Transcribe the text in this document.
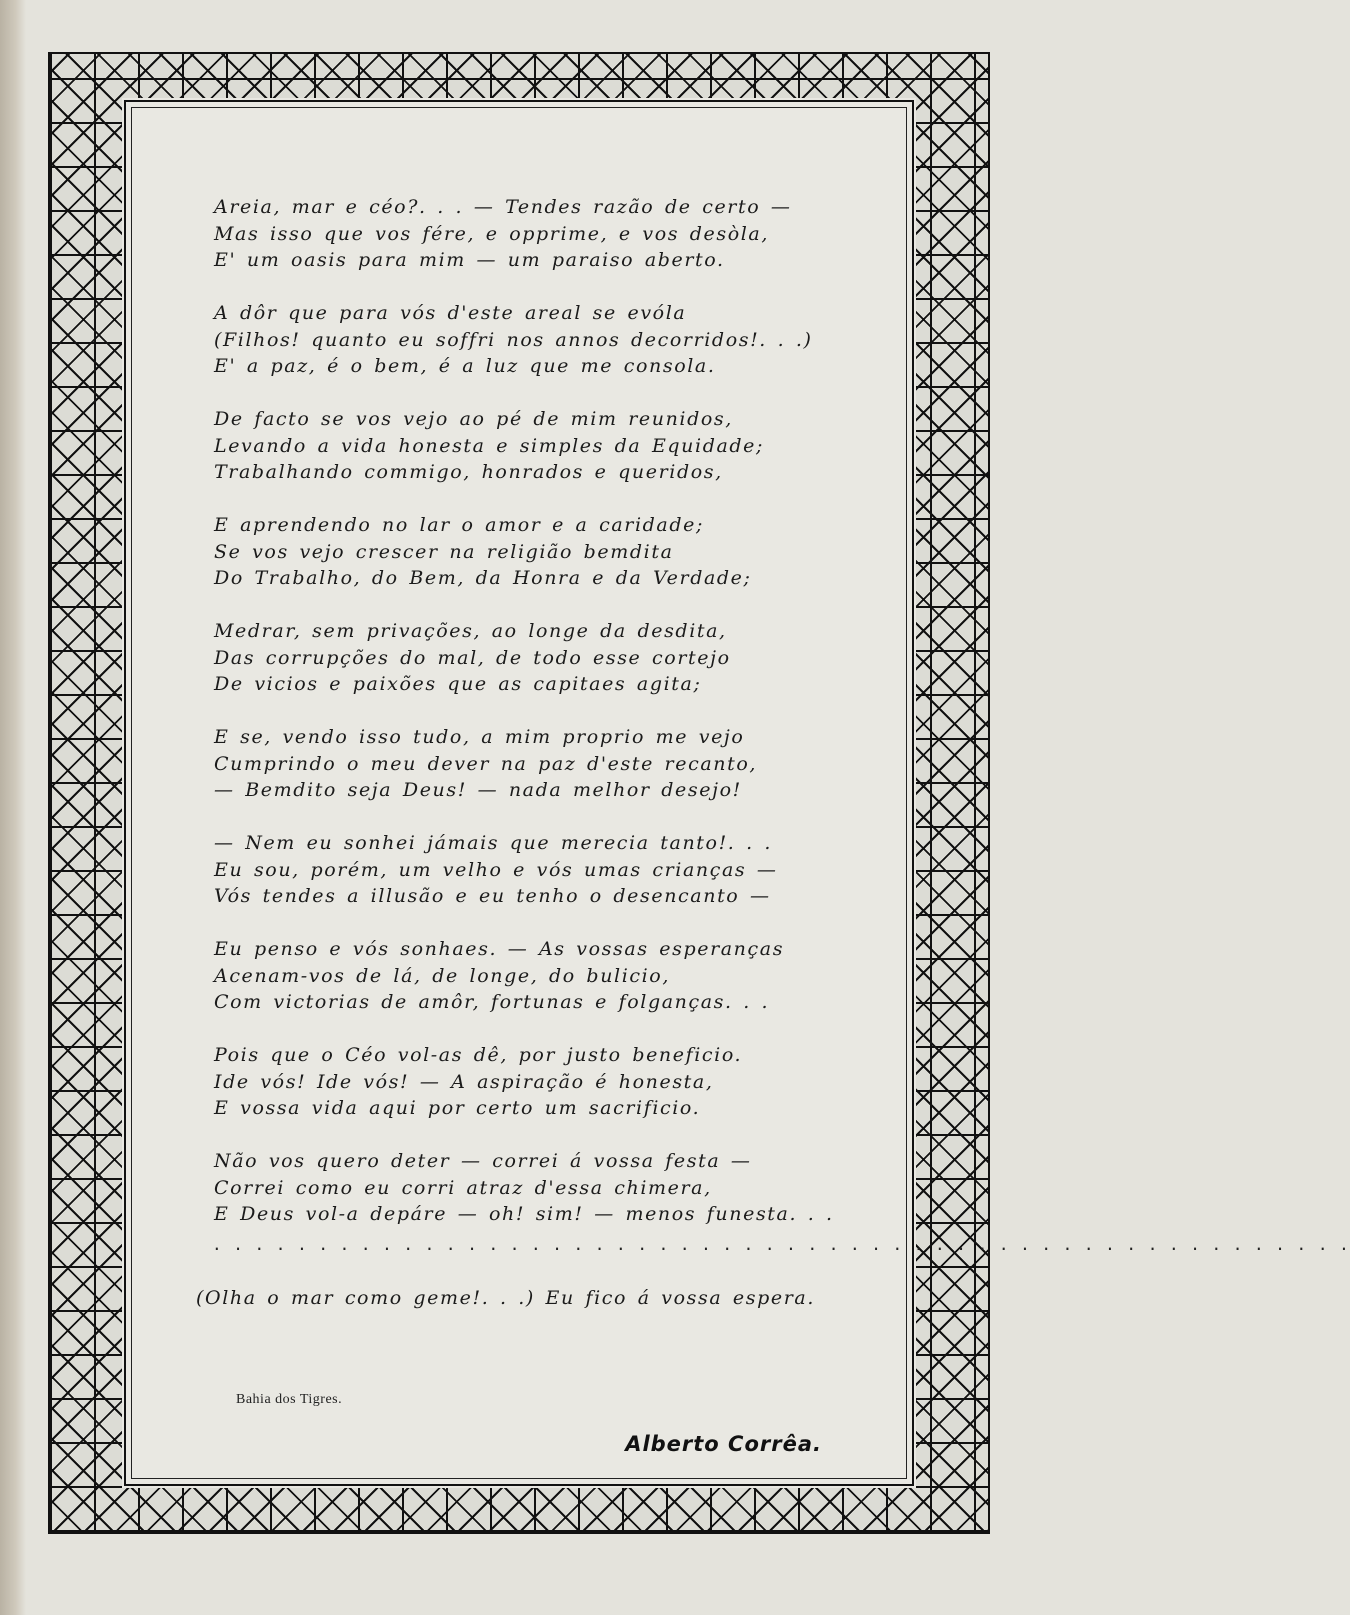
Areia, mar e céo?. . . — Tendes razão de certo —
Mas isso que vos fére, e opprime, e vos desòla,
E' um oasis para mim — um paraiso aberto.
A dôr que para vós d'este areal se evóla
(Filhos! quanto eu soffri nos annos decorridos!. . .)
E' a paz, é o bem, é a luz que me consola.
De facto se vos vejo ao pé de mim reunidos,
Levando a vida honesta e simples da Equidade;
Trabalhando commigo, honrados e queridos,
E aprendendo no lar o amor e a caridade;
Se vos vejo crescer na religião bemdita
Do Trabalho, do Bem, da Honra e da Verdade;
Medrar, sem privações, ao longe da desdita,
Das corrupções do mal, de todo esse cortejo
De vicios e paixões que as capitaes agita;
E se, vendo isso tudo, a mim proprio me vejo
Cumprindo o meu dever na paz d'este recanto,
— Bemdito seja Deus! — nada melhor desejo!
— Nem eu sonhei jámais que merecia tanto!. . .
Eu sou, porém, um velho e vós umas crianças —
Vós tendes a illusão e eu tenho o desencanto —
Eu penso e vós sonhaes. — As vossas esperanças
Acenam-vos de lá, de longe, do bulicio,
Com victorias de amôr, fortunas e folganças. . .
Pois que o Céo vol-as dê, por justo beneficio.
Ide vós! Ide vós! — A aspiração é honesta,
E vossa vida aqui por certo um sacrificio.
Não vos quero deter — correi á vossa festa —
Correi como eu corri atraz d'essa chimera,
E Deus vol-a depáre — oh! sim! — menos funesta. . .
. . . . . . . . . . . . . . . . . . . . . . . . . . . . . . . . . . . . . . . . . . . . . . . . . . . . . .
(Olha o mar como geme!. . .) Eu fico á vossa espera.
Bahia dos Tigres.
Alberto Corrêa.
